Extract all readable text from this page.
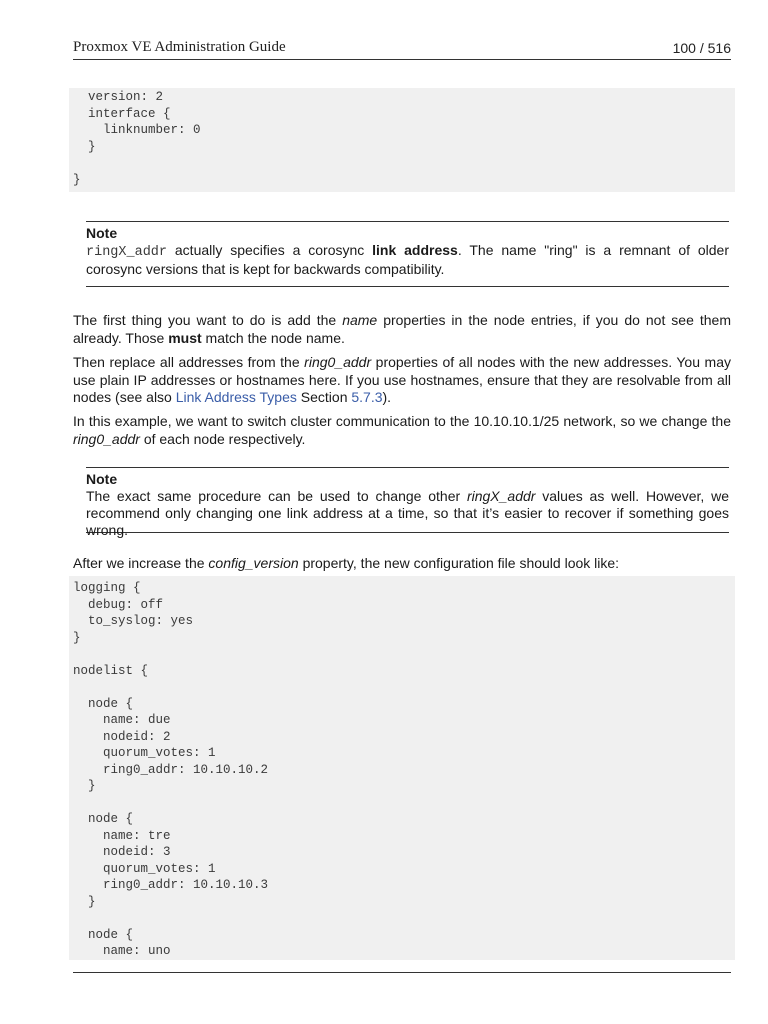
Proxmox VE Administration Guide	100 / 516
version: 2
interface {
linknumber: 0
}
}
Note
ringX_addr actually specifies a corosync link address. The name "ring" is a remnant of older corosync versions that is kept for backwards compatibility.

The first thing you want to do is add the name properties in the node entries, if you do not see them already. Those must match the node name.

Then replace all addresses from the ring0_addr properties of all nodes with the new addresses. You may use plain IP addresses or hostnames here. If you use hostnames, ensure that they are resolvable from all nodes (see also Link Address Types Section 5.7.3).

In this example, we want to switch cluster communication to the 10.10.10.1/25 network, so we change the ring0_addr of each node respectively.

Note
The exact same procedure can be used to change other ringX_addr values as well. However, we recommend only changing one link address at a time, so that it’s easier to recover if something goes wrong.

After we increase the config_version property, the new configuration file should look like:

logging {
debug: off
to_syslog: yes
}
nodelist {
node {
name: due
nodeid: 2
quorum_votes: 1
ring0_addr: 10.10.10.2
}
node {
name: tre
nodeid: 3
quorum_votes: 1
ring0_addr: 10.10.10.3
}
node {
name: uno
